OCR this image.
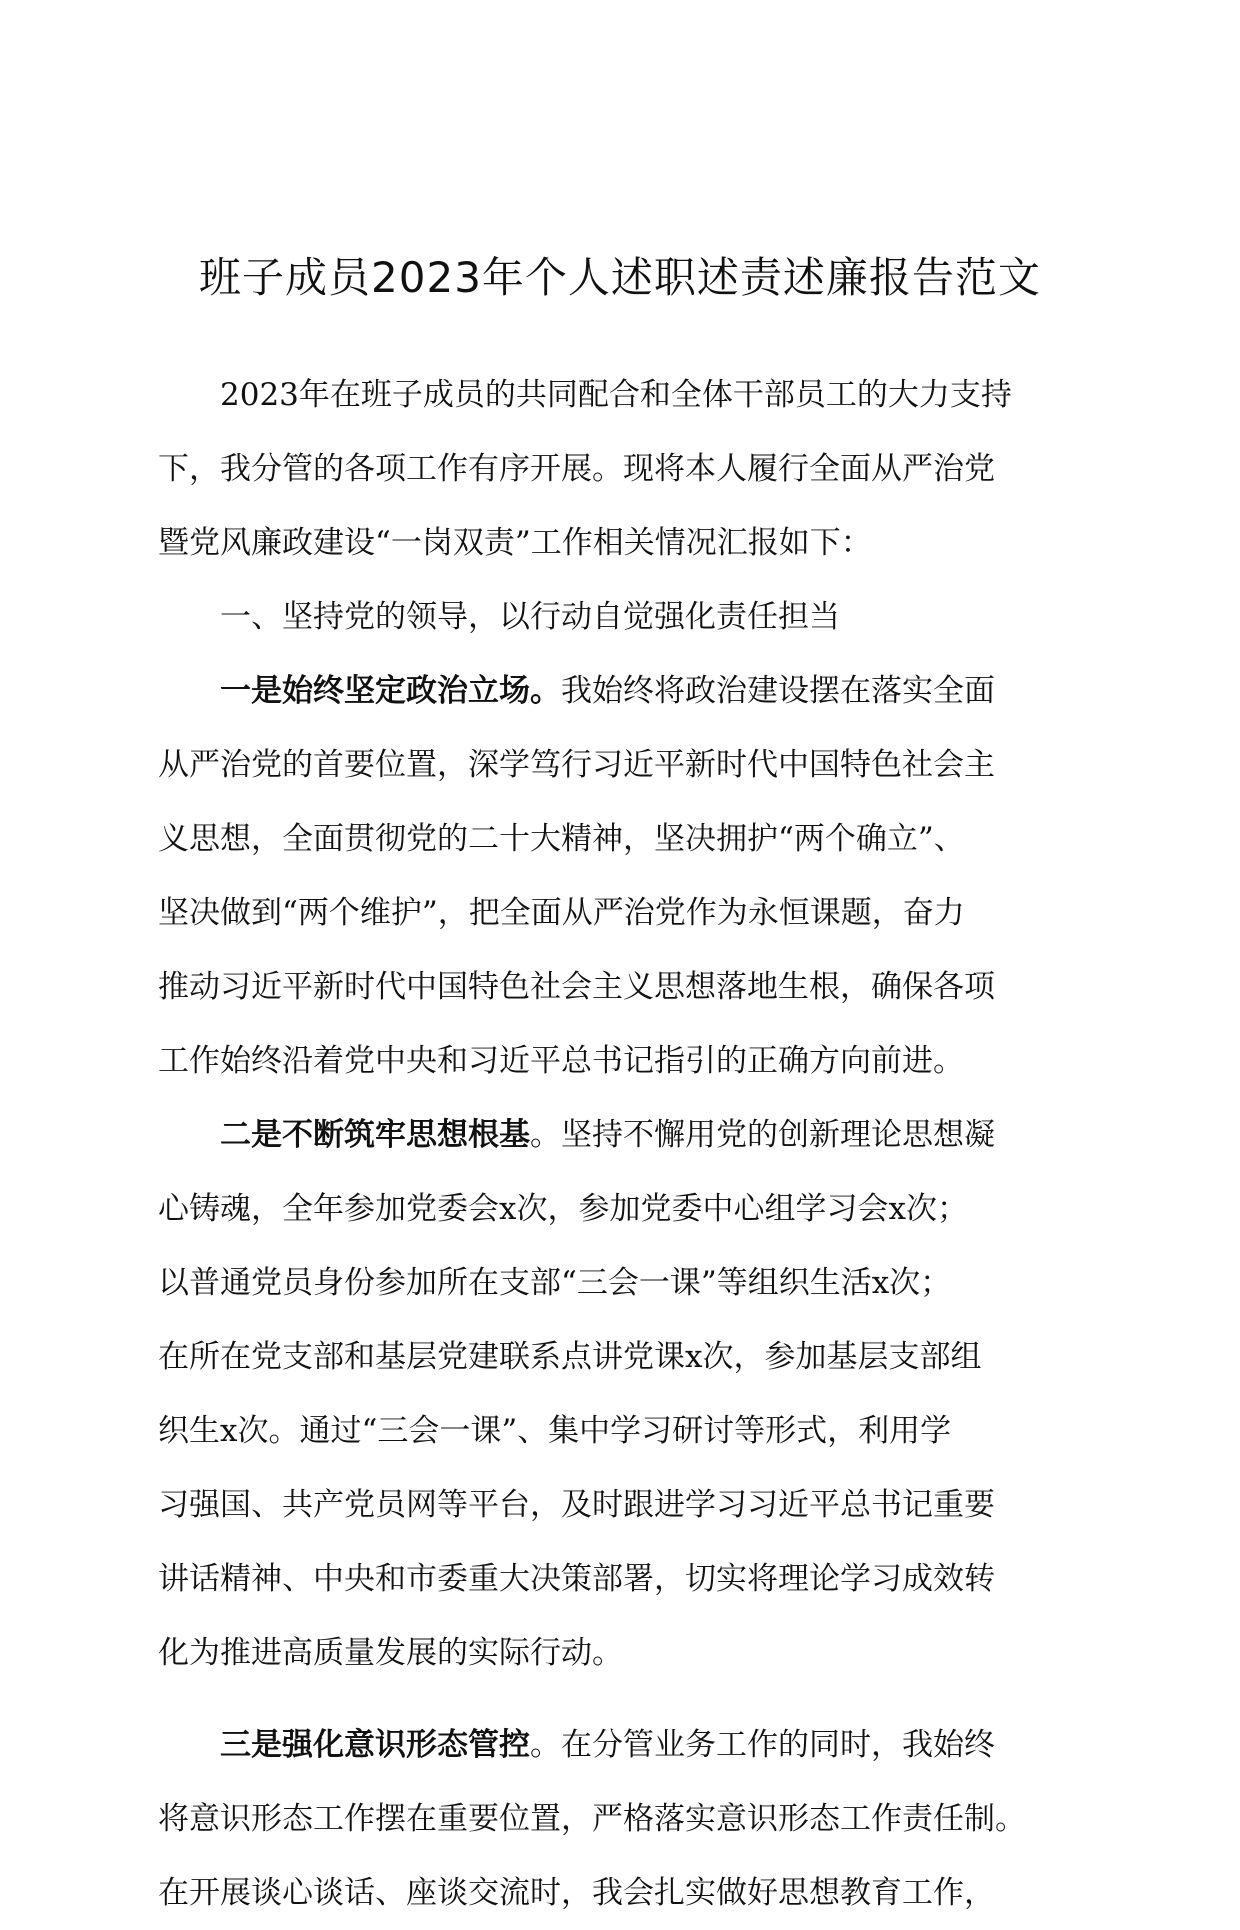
班子成员2023年个人述职述责述廉报告范文
2023年在班子成员的共同配合和全体干部员工的大力支持
下，我分管的各项工作有序开展。现将本人履行全面从严治党
暨党风廉政建设“一岗双责”工作相关情况汇报如下：
一、坚持党的领导，以行动自觉强化责任担当
一是始终坚定政治立场。我始终将政治建设摆在落实全面
从严治党的首要位置，深学笃行习近平新时代中国特色社会主
义思想，全面贯彻党的二十大精神，坚决拥护“两个确立”、
坚决做到“两个维护”，把全面从严治党作为永恒课题，奋力
推动习近平新时代中国特色社会主义思想落地生根，确保各项
工作始终沿着党中央和习近平总书记指引的正确方向前进。
二是不断筑牢思想根基。坚持不懈用党的创新理论思想凝
心铸魂，全年参加党委会x次，参加党委中心组学习会x次；
以普通党员身份参加所在支部“三会一课”等组织生活x次；
在所在党支部和基层党建联系点讲党课x次，参加基层支部组
织生x次。通过“三会一课”、集中学习研讨等形式，利用学
习强国、共产党员网等平台，及时跟进学习习近平总书记重要
讲话精神、中央和市委重大决策部署，切实将理论学习成效转
化为推进高质量发展的实际行动。
三是强化意识形态管控。在分管业务工作的同时，我始终
将意识形态工作摆在重要位置，严格落实意识形态工作责任制。
在开展谈心谈话、座谈交流时，我会扎实做好思想教育工作，
